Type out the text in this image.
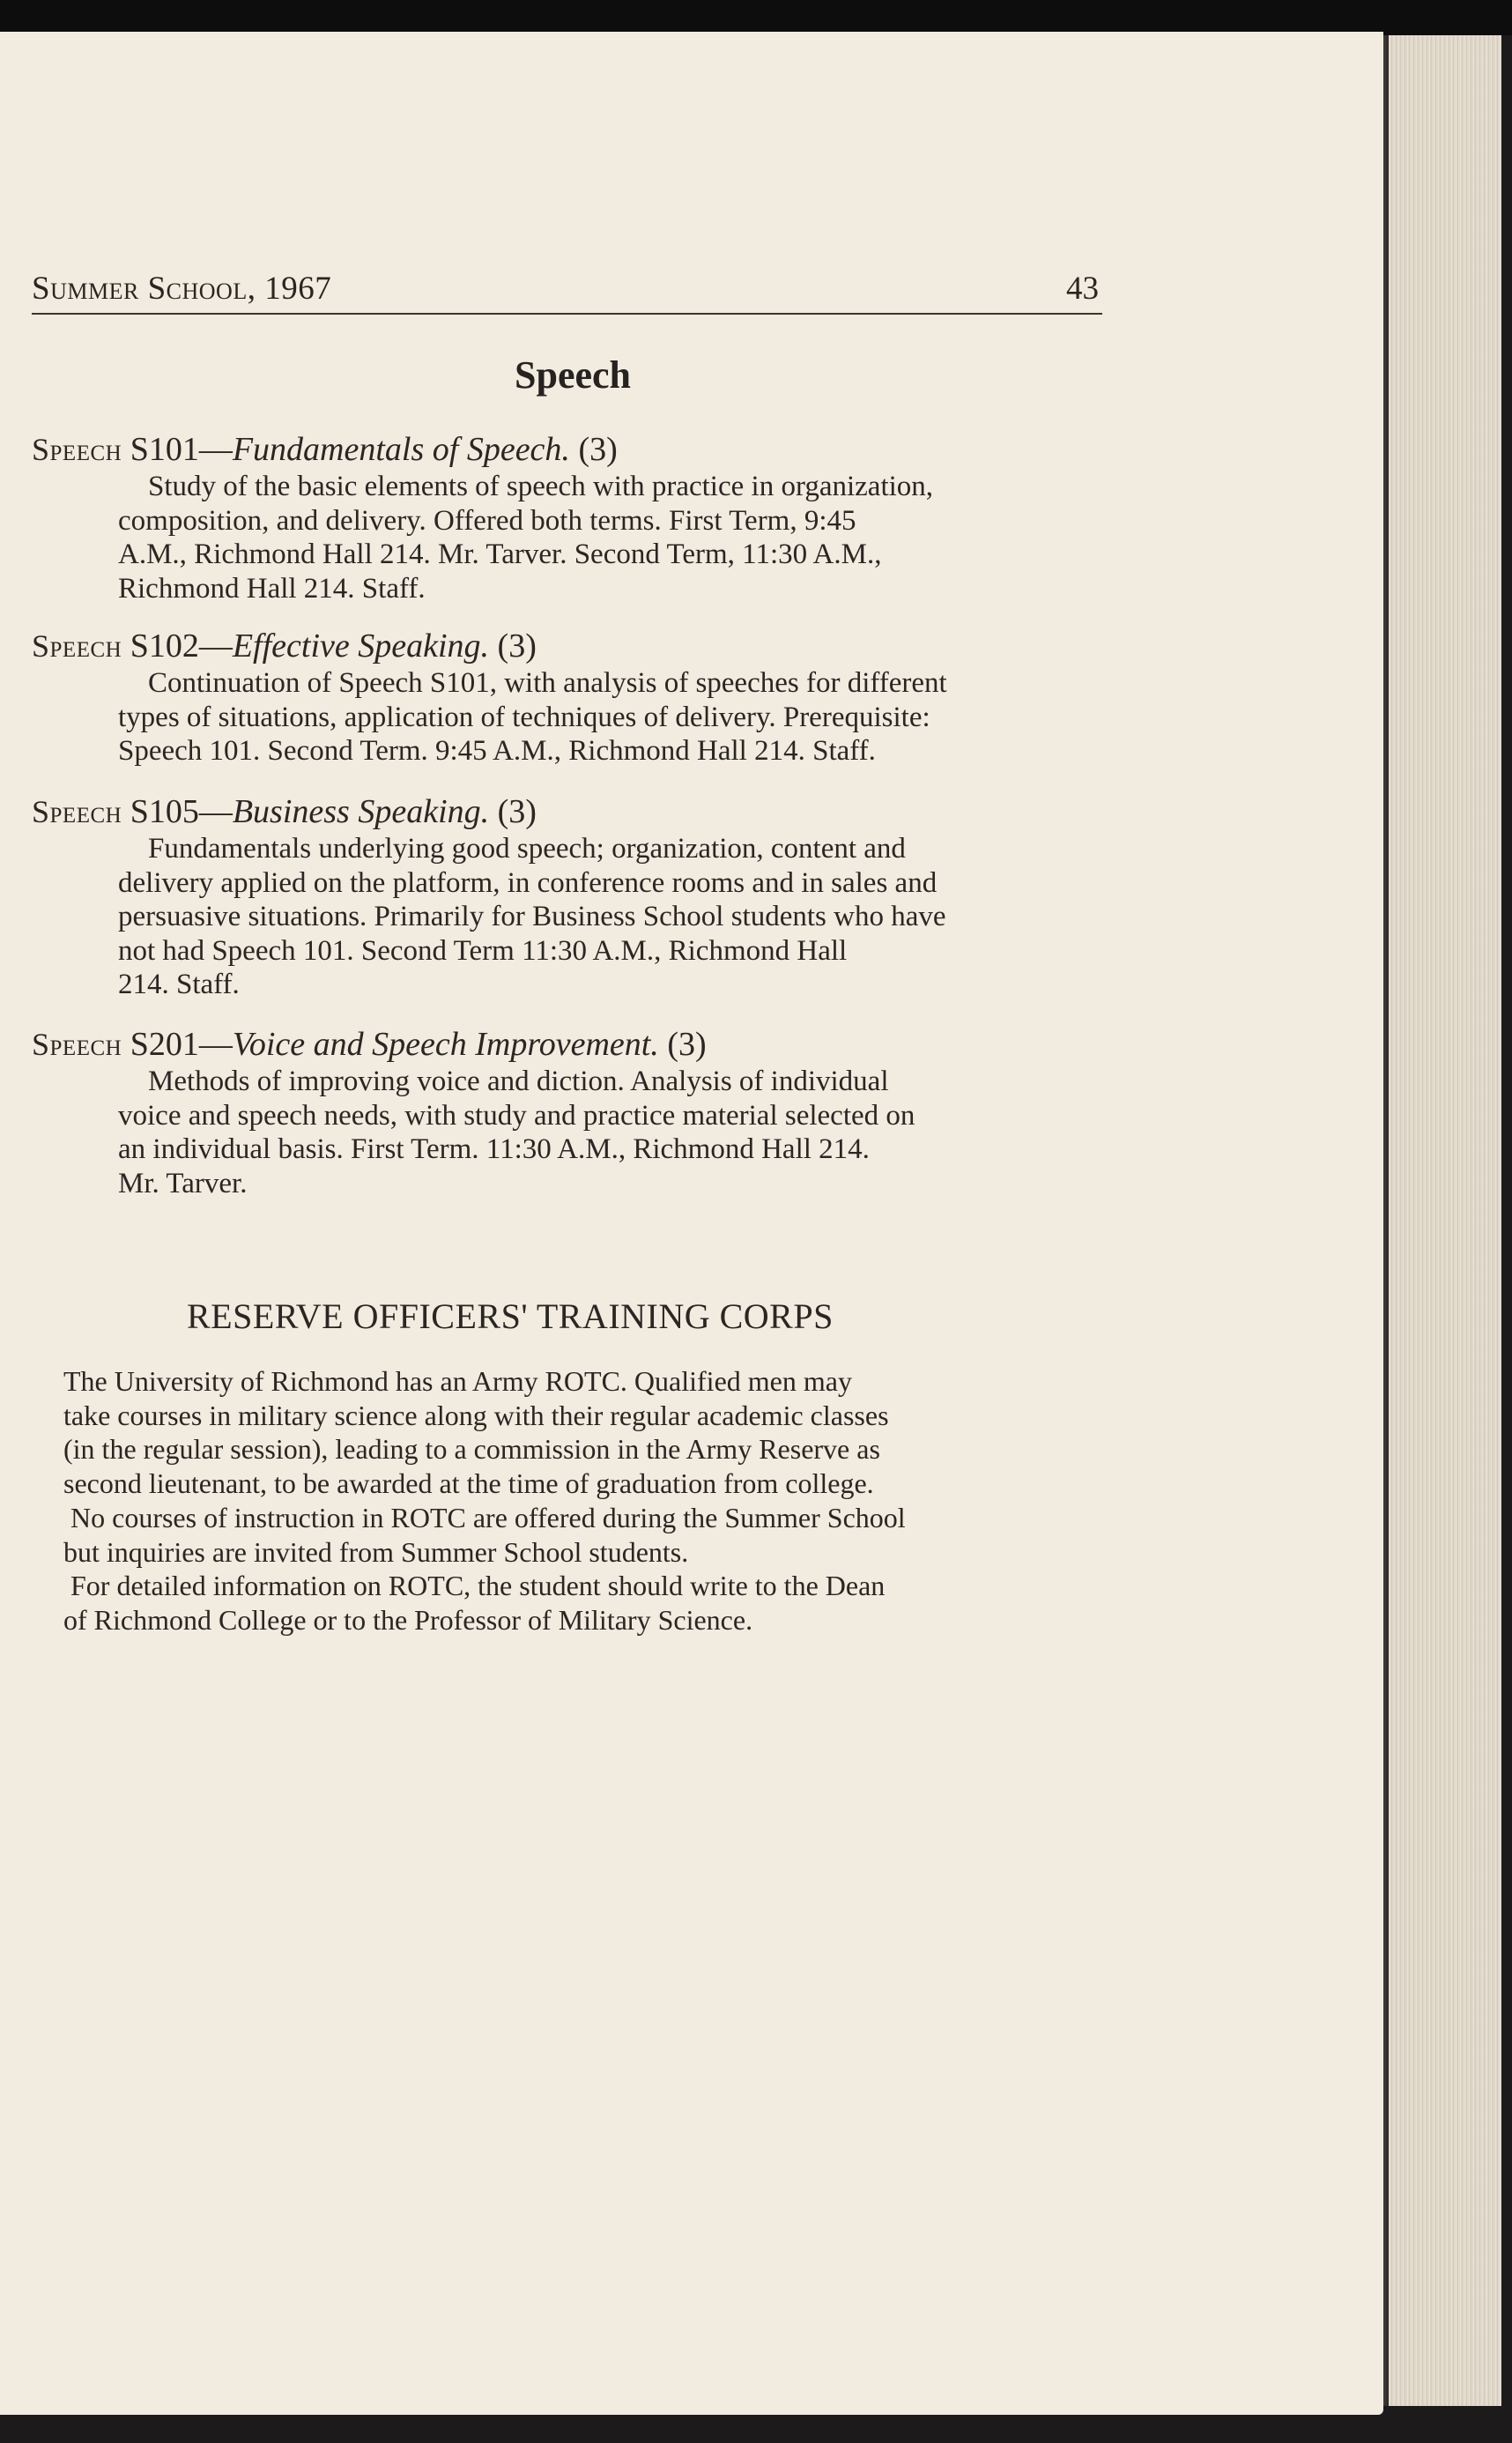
Summer School, 1967	43
Speech
Speech S101—Fundamentals of Speech. (3)
Study of the basic elements of speech with practice in organization,
composition, and delivery. Offered both terms. First Term, 9:45
A.M., Richmond Hall 214. Mr. Tarver. Second Term, 11:30 A.M.,
Richmond Hall 214. Staff.
Speech S102—Effective Speaking. (3)
Continuation of Speech S101, with analysis of speeches for different
types of situations, application of techniques of delivery. Prerequisite:
Speech 101. Second Term. 9:45 A.M., Richmond Hall 214. Staff.
Speech S105—Business Speaking. (3)
Fundamentals underlying good speech; organization, content and
delivery applied on the platform, in conference rooms and in sales and
persuasive situations. Primarily for Business School students who have
not had Speech 101. Second Term 11:30 A.M., Richmond Hall
214. Staff.
Speech S201—Voice and Speech Improvement. (3)
Methods of improving voice and diction. Analysis of individual
voice and speech needs, with study and practice material selected on
an individual basis. First Term. 11:30 A.M., Richmond Hall 214.
Mr. Tarver.
RESERVE OFFICERS' TRAINING CORPS
The University of Richmond has an Army ROTC. Qualified men may
take courses in military science along with their regular academic classes
(in the regular session), leading to a commission in the Army Reserve as
second lieutenant, to be awarded at the time of graduation from college.
No courses of instruction in ROTC are offered during the Summer School
but inquiries are invited from Summer School students.
For detailed information on ROTC, the student should write to the Dean
of Richmond College or to the Professor of Military Science.
